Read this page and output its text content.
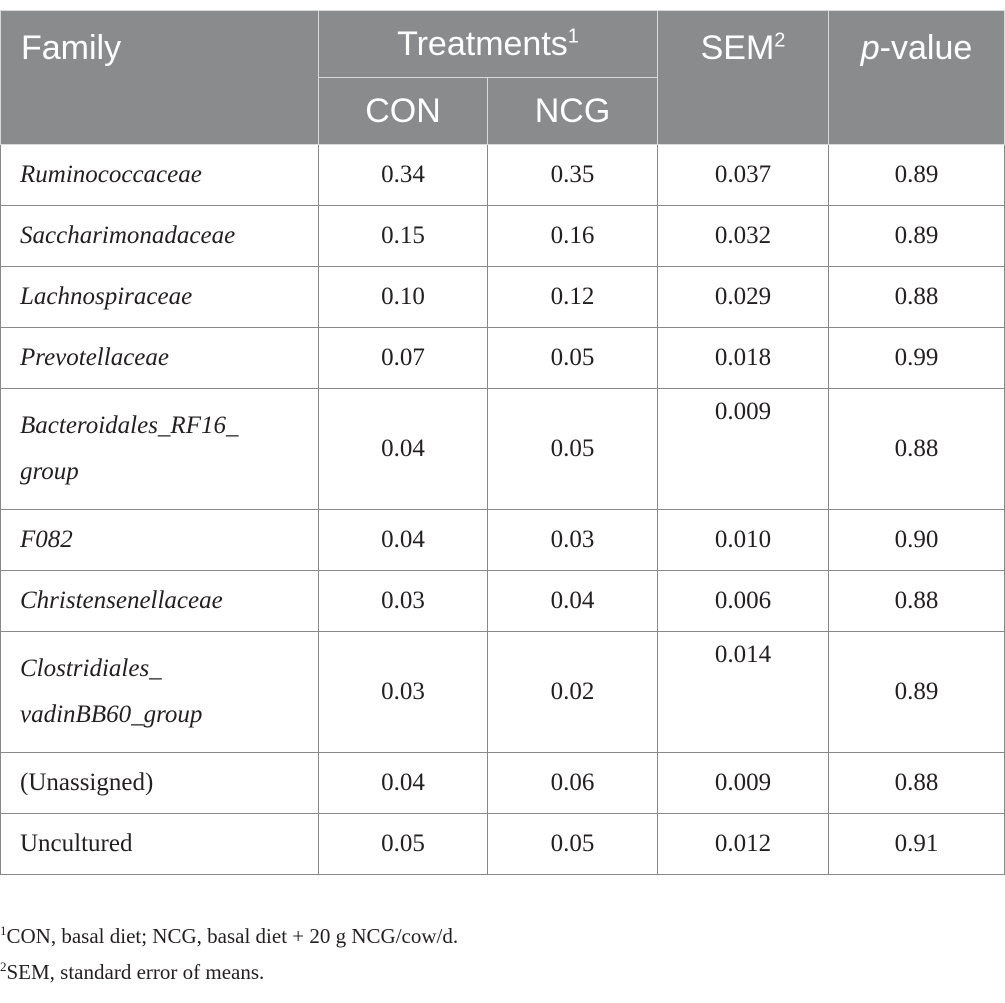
Family	Treatments$^1$		SEM$^2$	p-value
	CON	NCG		
Ruminococcaceae	0.34	0.35	0.037	0.89
Saccharimonadaceae	0.15	0.16	0.032	0.89
Lachnospiraceae	0.10	0.12	0.029	0.88
Prevotellaceae	0.07	0.05	0.018	0.99
Bacteroidales_RF16_
group	0.04	0.05	0.009	0.88
F082	0.04	0.03	0.010	0.90
Christensenellaceae	0.03	0.04	0.006	0.88
Clostridiales_
vadinBB60_group	0.03	0.02	0.014	0.89
(Unassigned)	0.04	0.06	0.009	0.88
Uncultured	0.05	0.05	0.012	0.91
$^1$CON, basal diet; NCG, basal diet + 20 g NCG/cow/d.
$^2$SEM, standard error of means.
